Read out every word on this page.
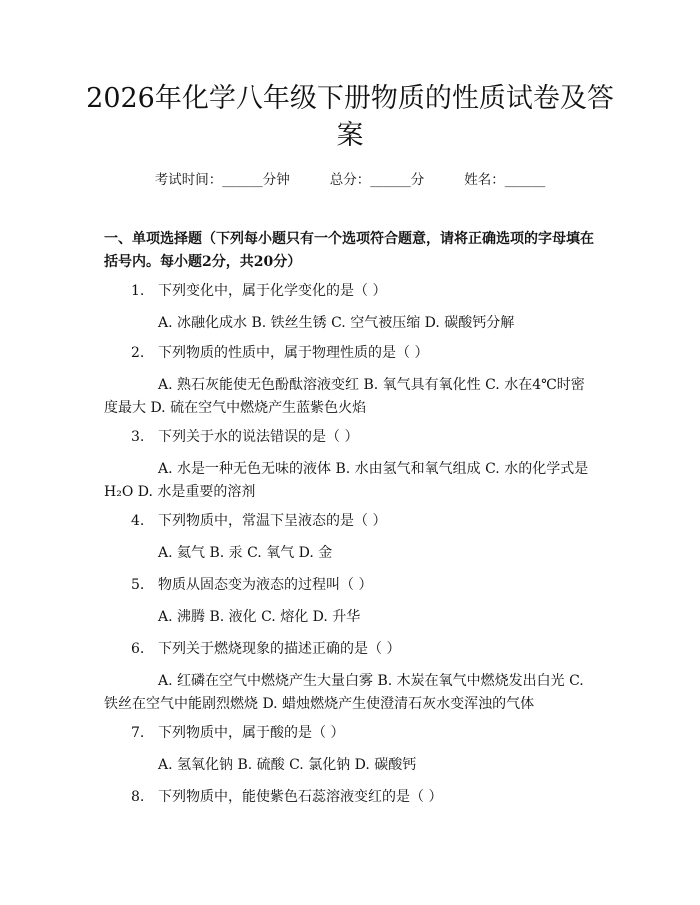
2026年化学八年级下册物质的性质试卷及答案
考试时间：______分钟	总分：______分	姓名：______
一、单项选择题（下列每小题只有一个选项符合题意，请将正确选项的字母填在括号内。每小题2分，共20分）
1. 下列变化中，属于化学变化的是（ ）
A. 冰融化成水 B. 铁丝生锈 C. 空气被压缩 D. 碳酸钙分解
2. 下列物质的性质中，属于物理性质的是（ ）
A. 熟石灰能使无色酚酞溶液变红 B. 氧气具有氧化性 C. 水在4℃时密度最大 D. 硫在空气中燃烧产生蓝紫色火焰
3. 下列关于水的说法错误的是（ ）
A. 水是一种无色无味的液体 B. 水由氢气和氧气组成 C. 水的化学式是H₂O D. 水是重要的溶剂
4. 下列物质中，常温下呈液态的是（ ）
A. 氦气 B. 汞 C. 氧气 D. 金
5. 物质从固态变为液态的过程叫（ ）
A. 沸腾 B. 液化 C. 熔化 D. 升华
6. 下列关于燃烧现象的描述正确的是（ ）
A. 红磷在空气中燃烧产生大量白雾 B. 木炭在氧气中燃烧发出白光 C. 铁丝在空气中能剧烈燃烧 D. 蜡烛燃烧产生使澄清石灰水变浑浊的气体
7. 下列物质中，属于酸的是（ ）
A. 氢氧化钠 B. 硫酸 C. 氯化钠 D. 碳酸钙
8. 下列物质中，能使紫色石蕊溶液变红的是（ ）
